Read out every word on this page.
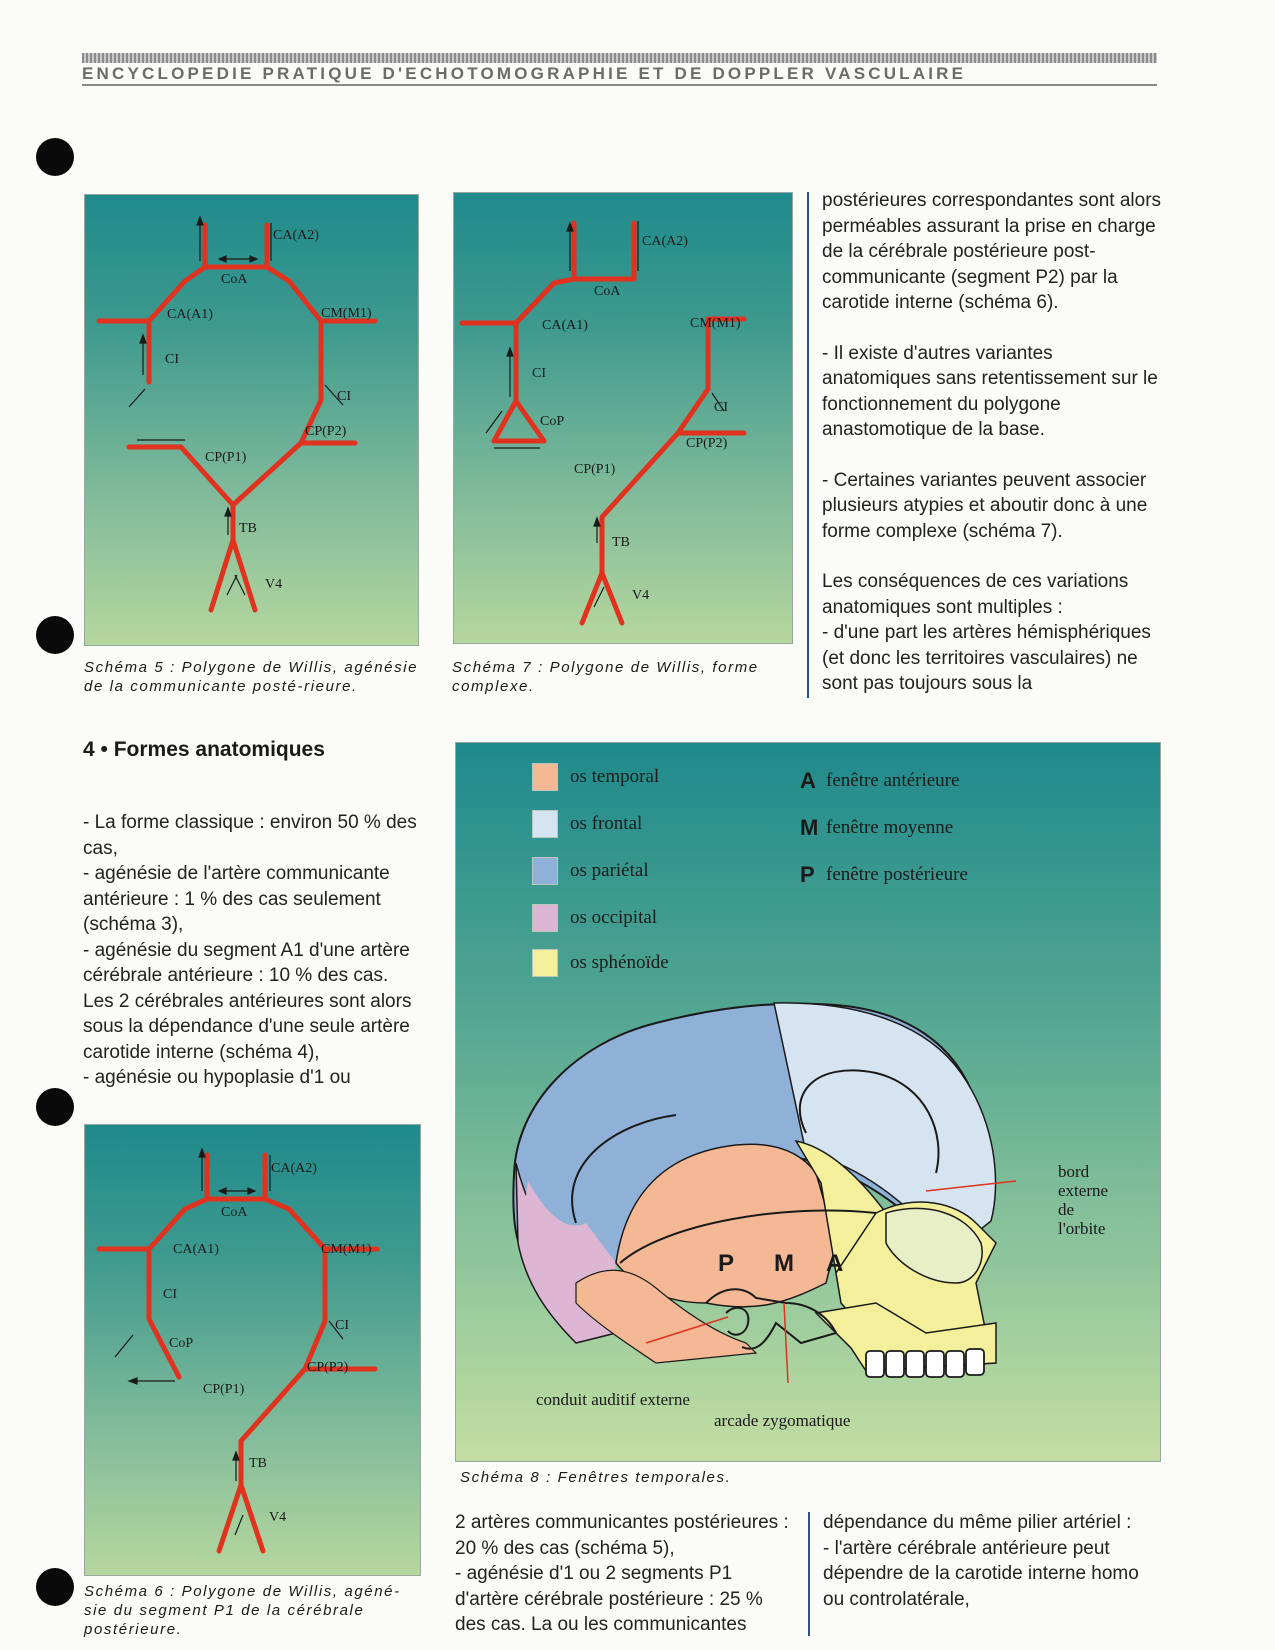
ENCYCLOPEDIE PRATIQUE D'ECHOTOMOGRAPHIE ET DE DOPPLER VASCULAIRE
CA(A2)
CoA
CA(A1)	CM(M1)
CI
CI
CP(P2)
CP(P1)
TB
V4
Schéma 5 : Polygone de Willis, agénésie de la communicante posté-rieure.
CA(A2)
CoA
CA(A1)	CM(M1)
CI
CoP
CI
CP(P2)
CP(P1)
TB
V4
Schéma 7 : Polygone de Willis, forme complexe.

postérieures correspondantes sont alors perméables assurant la prise en charge de la cérébrale postérieure post-communicante (segment P2) par la carotide interne (schéma 6).

- Il existe d'autres variantes anatomiques sans retentissement sur le fonctionnement du polygone anastomotique de la base.

- Certaines variantes peuvent associer plusieurs atypies et aboutir donc à une forme complexe (schéma 7).

Les conséquences de ces variations anatomiques sont multiples :

- d'une part les artères hémisphériques (et donc les territoires vasculaires) ne sont pas toujours sous la

4 • Formes anatomiques

- La forme classique : environ 50 % des cas,

- agénésie de l'artère communicante antérieure : 1 % des cas seulement (schéma 3),

- agénésie du segment A1 d'une artère cérébrale antérieure : 10 % des cas. Les 2 cérébrales antérieures sont alors sous la dépendance d'une seule artère carotide interne (schéma 4),

- agénésie ou hypoplasie d'1 ou

CA(A2)
CoA
CA(A1)	CM(M1)
CI
CoP
CI
CP(P2)
CP(P1)
TB
V4
Schéma 6 : Polygone de Willis, agéné-sie du segment P1 de la cérébrale postérieure.
os temporal
os frontal
os pariétal
os occipital
os sphénoïde
A fenêtre antérieure
M fenêtre moyenne
P fenêtre postérieure
P M A
bord
externe
de
l'orbite
conduit auditif externe
arcade zygomatique
Schéma 8 : Fenêtres temporales.

2 artères communicantes postérieures : 20 % des cas (schéma 5),

- agénésie d'1 ou 2 segments P1 d'artère cérébrale postérieure : 25 % des cas. La ou les communicantes

dépendance du même pilier artériel :

- l'artère cérébrale antérieure peut dépendre de la carotide interne homo ou controlatérale,
